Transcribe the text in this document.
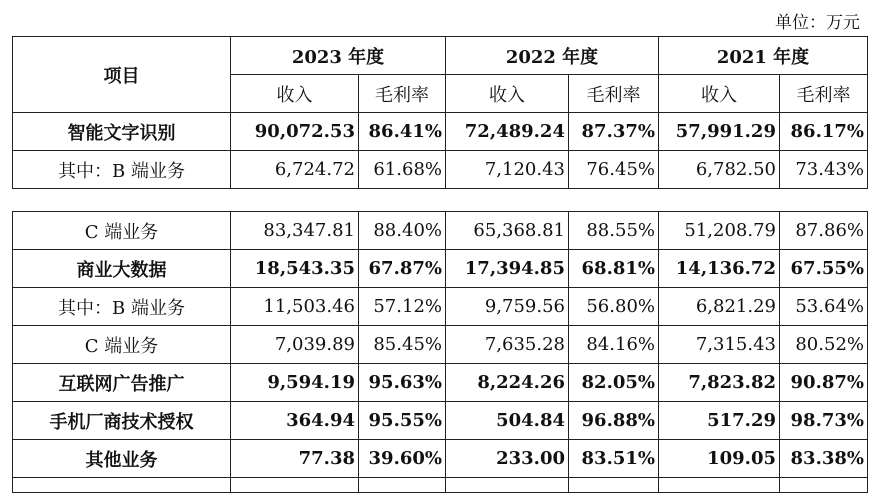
单位：万元
项目	2023 年度		2022 年度		2021 年度	
	收入	毛利率	收入	毛利率	收入	毛利率
智能文字识别	90,072.53	86.41%	72,489.24	87.37%	57,991.29	86.17%
其中：B 端业务	6,724.72	61.68%	7,120.43	76.45%	6,782.50	73.43%

C 端业务	83,347.81	88.40%	65,368.81	88.55%	51,208.79	87.86%
商业大数据	18,543.35	67.87%	17,394.85	68.81%	14,136.72	67.55%
其中：B 端业务	11,503.46	57.12%	9,759.56	56.80%	6,821.29	53.64%
C 端业务	7,039.89	85.45%	7,635.28	84.16%	7,315.43	80.52%
互联网广告推广	9,594.19	95.63%	8,224.26	82.05%	7,823.82	90.87%
手机厂商技术授权	364.94	95.55%	504.84	96.88%	517.29	98.73%
其他业务	77.38	39.60%	233.00	83.51%	109.05	83.38%
